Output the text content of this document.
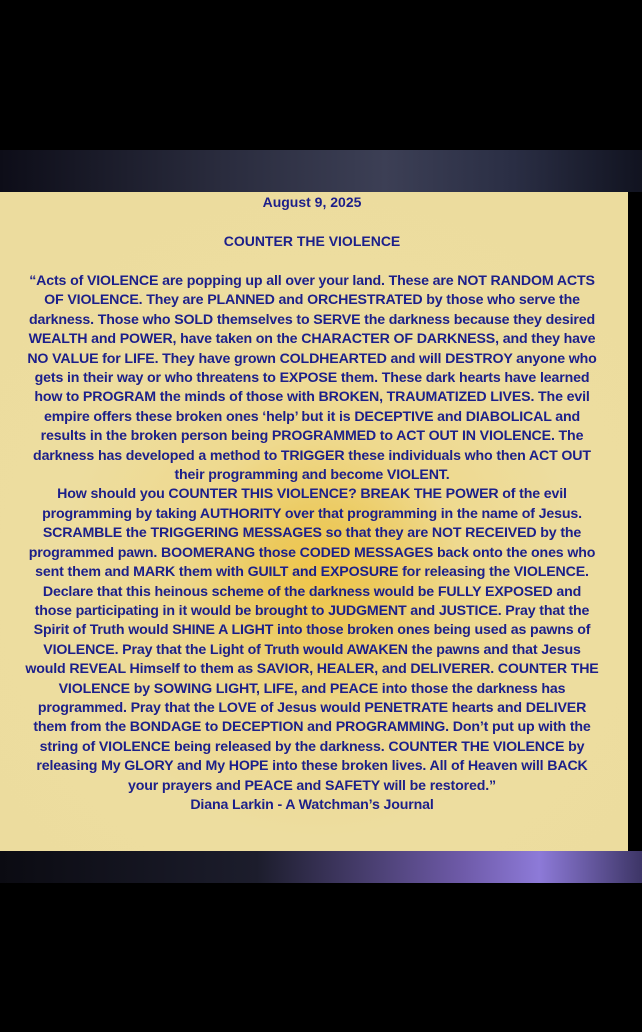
August 9, 2025
COUNTER THE VIOLENCE
“Acts of VIOLENCE are popping up all over your land. These are NOT RANDOM ACTS
OF VIOLENCE. They are PLANNED and ORCHESTRATED by those who serve the
darkness. Those who SOLD themselves to SERVE the darkness because they desired
WEALTH and POWER, have taken on the CHARACTER OF DARKNESS, and they have
NO VALUE for LIFE. They have grown COLDHEARTED and will DESTROY anyone who
gets in their way or who threatens to EXPOSE them. These dark hearts have learned
how to PROGRAM the minds of those with BROKEN, TRAUMATIZED LIVES. The evil
empire offers these broken ones ‘help’ but it is DECEPTIVE and DIABOLICAL and
results in the broken person being PROGRAMMED to ACT OUT IN VIOLENCE. The
darkness has developed a method to TRIGGER these individuals who then ACT OUT
their programming and become VIOLENT.
How should you COUNTER THIS VIOLENCE? BREAK THE POWER of the evil
programming by taking AUTHORITY over that programming in the name of Jesus.
SCRAMBLE the TRIGGERING MESSAGES so that they are NOT RECEIVED by the
programmed pawn. BOOMERANG those CODED MESSAGES back onto the ones who
sent them and MARK them with GUILT and EXPOSURE for releasing the VIOLENCE.
Declare that this heinous scheme of the darkness would be FULLY EXPOSED and
those participating in it would be brought to JUDGMENT and JUSTICE. Pray that the
Spirit of Truth would SHINE A LIGHT into those broken ones being used as pawns of
VIOLENCE. Pray that the Light of Truth would AWAKEN the pawns and that Jesus
would REVEAL Himself to them as SAVIOR, HEALER, and DELIVERER. COUNTER THE
VIOLENCE by SOWING LIGHT, LIFE, and PEACE into those the darkness has
programmed. Pray that the LOVE of Jesus would PENETRATE hearts and DELIVER
them from the BONDAGE to DECEPTION and PROGRAMMING. Don’t put up with the
string of VIOLENCE being released by the darkness. COUNTER THE VIOLENCE by
releasing My GLORY and My HOPE into these broken lives. All of Heaven will BACK
your prayers and PEACE and SAFETY will be restored.”
Diana Larkin - A Watchman’s Journal
